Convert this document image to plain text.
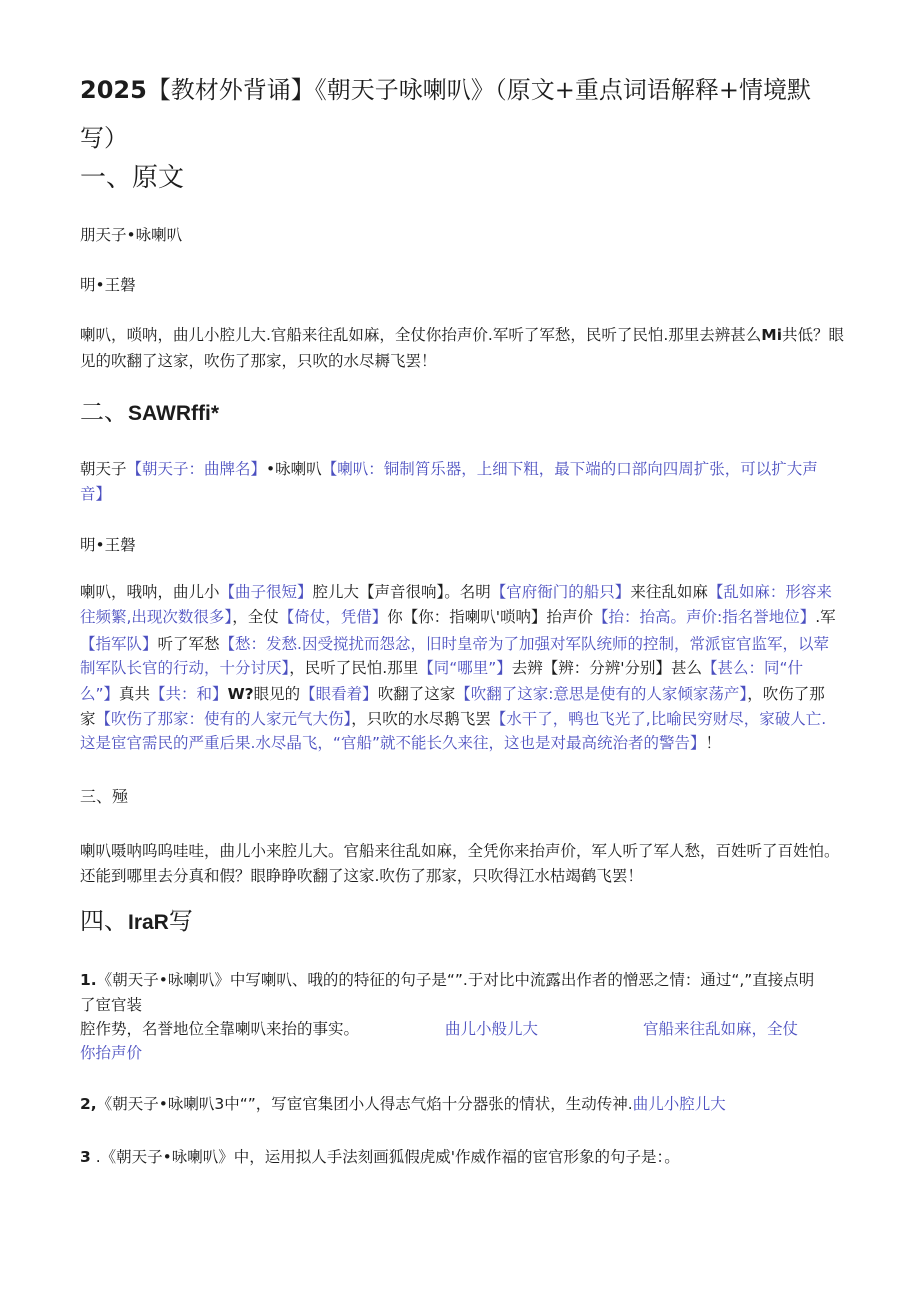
2025【教材外背诵】《朝天子咏喇叭》（原文+重点词语解释+情境默
写）
一、原文
朋天子•咏喇叭
明•王磐
喇叭，唢呐，曲儿小腔儿大.官船来往乱如麻，全仗你抬声价.军听了军愁，民听了民怕.那里去辨甚么Mi共低？眼
见的吹翻了这家，吹伤了那家，只吹的水尽耨飞罢！
二、SAWRffi*
朝天子【朝天子：曲牌名】•咏喇叭【喇叭：铜制筲乐器，上细下粗，最下端的口部向四周扩张，可以扩大声
音】
明•王磐
喇叭，哦呐，曲儿小【曲子很短】腔儿大【声音很响】。名明【官府衙门的船只】来往乱如麻【乱如麻：形容来
往频繁,出现次数很多】，全仗【倚仗，凭借】你【你：指喇叭'唢呐】抬声价【抬：抬高。声价:指名誉地位】.军
【指军队】听了军愁【愁：发愁.因受搅扰而怨忿，旧时皇帝为了加强对军队统师的控制，常派宦官监军，以荤
制军队长官的行动，十分讨厌】，民听了民怕.那里【同“哪里”】去辨【辨：分辨'分别】甚么【甚么：同“什
么”】真共【共：和】W?眼见的【眼看着】吹翻了这家【吹翻了这家:意思是使有的人家倾家荡产】，吹伤了那
家【吹伤了那家：使有的人家元气大伤】，只吹的水尽鹅飞罢【水干了，鸭也飞光了,比喻民穷财尽，家破人亡.
这是宦官需民的严重后果.水尽晶飞，“官船”就不能长久来往，这也是对最高统治者的警告】！
三、殛
喇叭嗫呐呜呜哇哇，曲儿小来腔儿大。官船来往乱如麻，全凭你来抬声价，军人听了军人愁，百姓听了百姓怕。
还能到哪里去分真和假？眼睁睁吹翻了这家.吹伤了那家，只吹得江水枯竭鹤飞罢！
四、IraR写
1.《朝天子•咏喇叭》中写喇叭、哦的的特征的句子是“”.于对比中流露出作者的憎恶之情：通过“,”直接点明
了宦官装
腔作势，名誉地位全靠喇叭来抬的事实。	曲儿小般儿大	官船来往乱如麻，全仗
你抬声价
2,《朝天子•咏喇叭3中“”，写宦官集团小人得志气焰十分器张的情状，生动传神.曲儿小腔儿大
3 .《朝天子•咏喇叭》中，运用拟人手法刻画狐假虎威'作威作福的宦官形象的句子是：。
